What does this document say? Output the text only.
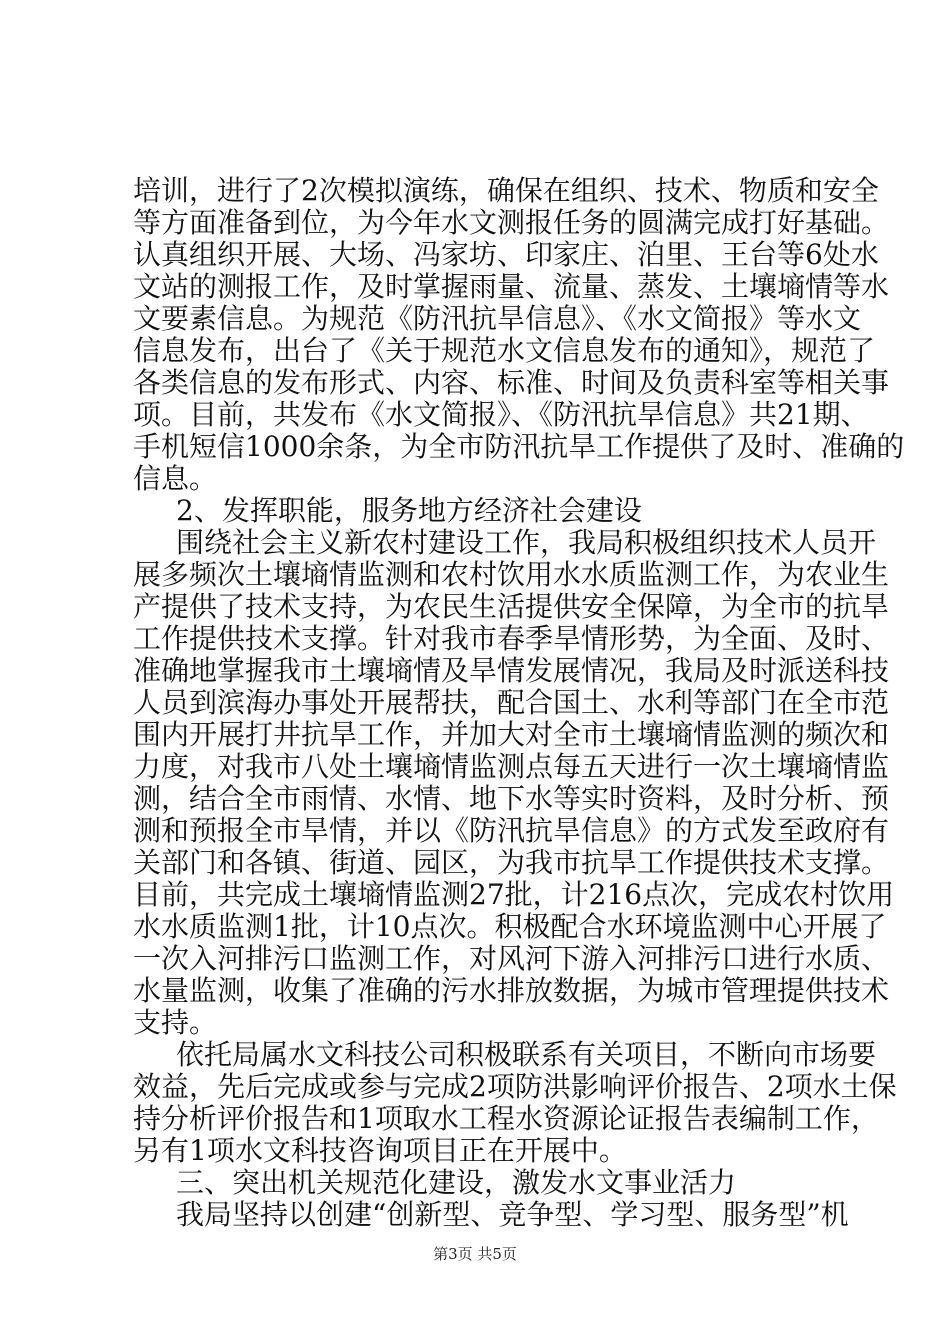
培训，进行了2次模拟演练，确保在组织、技术、物质和安全
等方面准备到位，为今年水文测报任务的圆满完成打好基础。
认真组织开展、大场、冯家坊、印家庄、泊里、王台等6处水
文站的测报工作，及时掌握雨量、流量、蒸发、土壤墒情等水
文要素信息。为规范《防汛抗旱信息》、《水文简报》等水文
信息发布，出台了《关于规范水文信息发布的通知》，规范了
各类信息的发布形式、内容、标准、时间及负责科室等相关事
项。目前，共发布《水文简报》、《防汛抗旱信息》共21期、
手机短信1000余条，为全市防汛抗旱工作提供了及时、准确的
信息。
2、发挥职能，服务地方经济社会建设
围绕社会主义新农村建设工作，我局积极组织技术人员开
展多频次土壤墒情监测和农村饮用水水质监测工作，为农业生
产提供了技术支持，为农民生活提供安全保障，为全市的抗旱
工作提供技术支撑。针对我市春季旱情形势，为全面、及时、
准确地掌握我市土壤墒情及旱情发展情况，我局及时派送科技
人员到滨海办事处开展帮扶，配合国土、水利等部门在全市范
围内开展打井抗旱工作，并加大对全市土壤墒情监测的频次和
力度，对我市八处土壤墒情监测点每五天进行一次土壤墒情监
测，结合全市雨情、水情、地下水等实时资料，及时分析、预
测和预报全市旱情，并以《防汛抗旱信息》的方式发至政府有
关部门和各镇、街道、园区，为我市抗旱工作提供技术支撑。
目前，共完成土壤墒情监测27批，计216点次，完成农村饮用
水水质监测1批，计10点次。积极配合水环境监测中心开展了
一次入河排污口监测工作，对风河下游入河排污口进行水质、
水量监测，收集了准确的污水排放数据，为城市管理提供技术
支持。
依托局属水文科技公司积极联系有关项目，不断向市场要
效益，先后完成或参与完成2项防洪影响评价报告、2项水土保
持分析评价报告和1项取水工程水资源论证报告表编制工作，
另有1项水文科技咨询项目正在开展中。
三、突出机关规范化建设，激发水文事业活力
我局坚持以创建“创新型、竞争型、学习型、服务型”机
第3页 共5页
